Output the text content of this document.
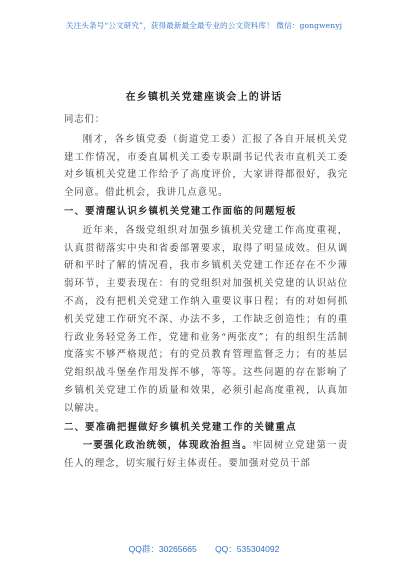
关注头条号“公文研究”，获得最新最全最专业的公文资料库！ 微信：gongwenyj
在乡镇机关党建座谈会上的讲话

同志们：

刚才，各乡镇党委（街道党工委）汇报了各自开展机关党建工作情况，市委直属机关工委专职副书记代表市直机关工委对乡镇机关党建工作给予了高度评价，大家讲得都很好，我完全同意。借此机会，我讲几点意见。

一、要清醒认识乡镇机关党建工作面临的问题短板

近年来，各级党组织对加强乡镇机关党建工作高度重视，认真贯彻落实中央和省委部署要求，取得了明显成效。但从调研和平时了解的情况看，我市乡镇机关党建工作还存在不少薄弱环节，主要表现在：有的党组织对加强机关党建的认识站位不高，没有把机关党建工作纳入重要议事日程；有的对如何抓机关党建工作研究不深、办法不多，工作缺乏创造性；有的重行政业务轻党务工作，党建和业务“两张皮”；有的组织生活制度落实不够严格规范；有的党员教育管理监督乏力；有的基层党组织战斗堡垒作用发挥不够，等等。这些问题的存在影响了乡镇机关党建工作的质量和效果，必须引起高度重视，认真加以解决。

二、要准确把握做好乡镇机关党建工作的关键重点

一要强化政治统领，体现政治担当。牢固树立党建第一责任人的理念，切实履行好主体责任。要加强对党员干部

QQ群：30265665 QQ：535304092
